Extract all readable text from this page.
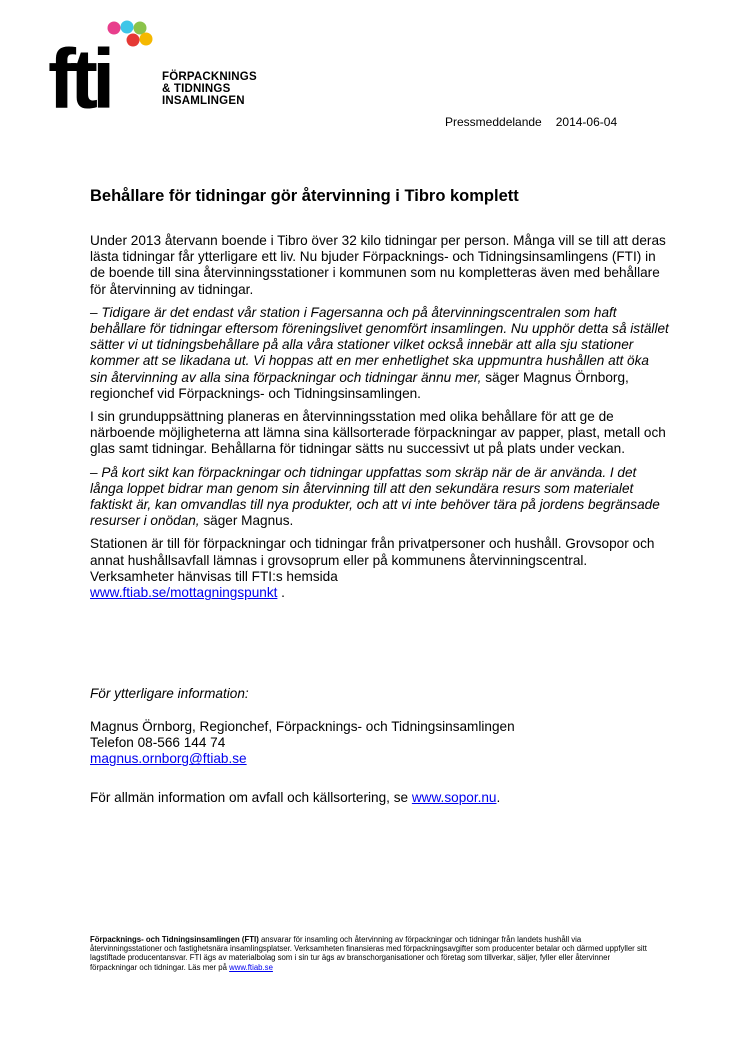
fti	FÖRPACKNINGS
& TIDNINGS
INSAMLINGEN
Pressmeddelande 2014-06-04
Behållare för tidningar gör återvinning i Tibro komplett

Under 2013 återvann boende i Tibro över 32 kilo tidningar per person. Många vill se till att deras lästa tidningar får ytterligare ett liv. Nu bjuder Förpacknings- och Tidningsinsamlingens (FTI) in de boende till sina återvinningsstationer i kommunen som nu kompletteras även med behållare för återvinning av tidningar.

– Tidigare är det endast vår station i Fagersanna och på återvinningscentralen som haft behållare för tidningar eftersom föreningslivet genomfört insamlingen. Nu upphör detta så istället sätter vi ut tidningsbehållare på alla våra stationer vilket också innebär att alla sju stationer kommer att se likadana ut. Vi hoppas att en mer enhetlighet ska uppmuntra hushållen att öka sin återvinning av alla sina förpackningar och tidningar ännu mer, säger Magnus Örnborg, regionchef vid Förpacknings- och Tidningsinsamlingen.

I sin grunduppsättning planeras en återvinningsstation med olika behållare för att ge de närboende möjligheterna att lämna sina källsorterade förpackningar av papper, plast, metall och glas samt tidningar. Behållarna för tidningar sätts nu successivt ut på plats under veckan.

– På kort sikt kan förpackningar och tidningar uppfattas som skräp när de är använda. I det långa loppet bidrar man genom sin återvinning till att den sekundära resurs som materialet faktiskt är, kan omvandlas till nya produkter, och att vi inte behöver tära på jordens begränsade resurser i onödan, säger Magnus.

Stationen är till för förpackningar och tidningar från privatpersoner och hushåll. Grovsopor och annat hushållsavfall lämnas i grovsoprum eller på kommunens återvinningscentral. Verksamheter hänvisas till FTI:s hemsida
www.ftiab.se/mottagningspunkt .

För ytterligare information:
Magnus Örnborg, Regionchef, Förpacknings- och Tidningsinsamlingen
Telefon 08-566 144 74
magnus.ornborg@ftiab.se
För allmän information om avfall och källsortering, se www.sopor.nu.
Förpacknings- och Tidningsinsamlingen (FTI) ansvarar för insamling och återvinning av förpackningar och tidningar från landets hushåll via återvinningsstationer och fastighetsnära insamlingsplatser. Verksamheten finansieras med förpackningsavgifter som producenter betalar och därmed uppfyller sitt lagstiftade producentansvar. FTI ägs av materialbolag som i sin tur ägs av branschorganisationer och företag som tillverkar, säljer, fyller eller återvinner förpackningar och tidningar. Läs mer på www.ftiab.se
